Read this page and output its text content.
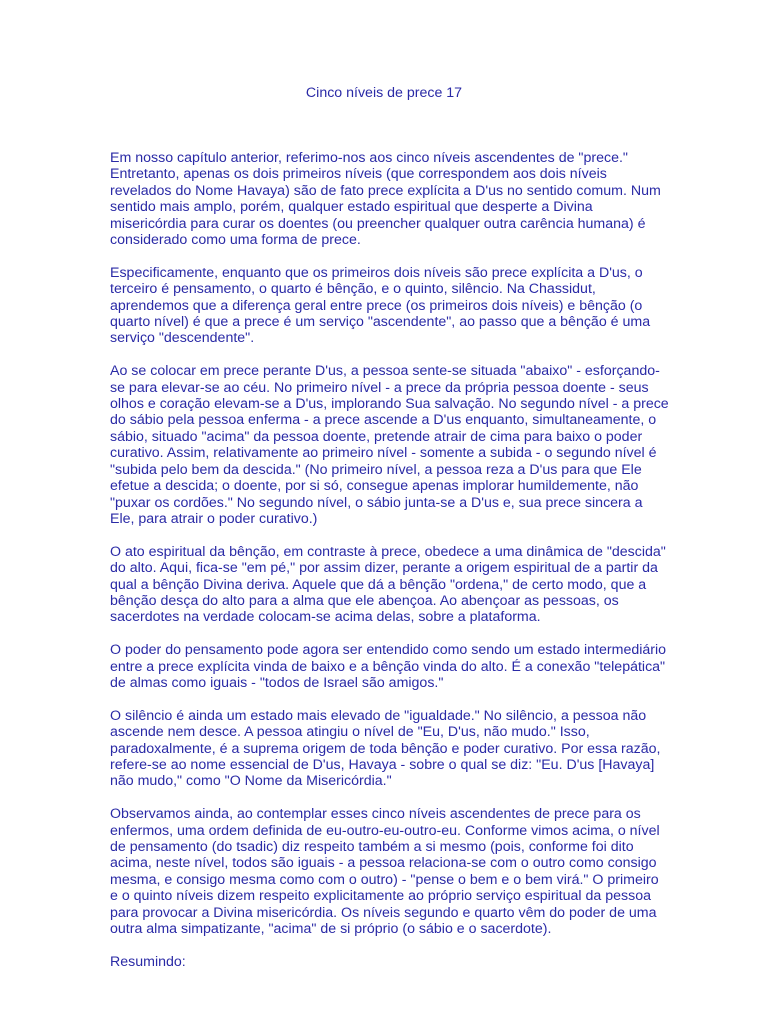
Cinco níveis de prece 17

Em nosso capítulo anterior, referimo-nos aos cinco níveis ascendentes de "prece." Entretanto, apenas os dois primeiros níveis (que correspondem aos dois níveis revelados do Nome Havaya) são de fato prece explícita a D'us no sentido comum. Num sentido mais amplo, porém, qualquer estado espiritual que desperte a Divina misericórdia para curar os doentes (ou preencher qualquer outra carência humana) é considerado como uma forma de prece.

Especificamente, enquanto que os primeiros dois níveis são prece explícita a D'us, o terceiro é pensamento, o quarto é bênção, e o quinto, silêncio. Na Chassidut, aprendemos que a diferença geral entre prece (os primeiros dois níveis) e bênção (o quarto nível) é que a prece é um serviço "ascendente", ao passo que a bênção é uma serviço "descendente".

Ao se colocar em prece perante D'us, a pessoa sente-se situada "abaixo" - esforçando-se para elevar-se ao céu. No primeiro nível - a prece da própria pessoa doente - seus olhos e coração elevam-se a D'us, implorando Sua salvação. No segundo nível - a prece do sábio pela pessoa enferma - a prece ascende a D'us enquanto, simultaneamente, o sábio, situado "acima" da pessoa doente, pretende atrair de cima para baixo o poder curativo. Assim, relativamente ao primeiro nível - somente a subida - o segundo nível é "subida pelo bem da descida." (No primeiro nível, a pessoa reza a D'us para que Ele efetue a descida; o doente, por si só, consegue apenas implorar humildemente, não "puxar os cordões." No segundo nível, o sábio junta-se a D'us e, sua prece sincera a Ele, para atrair o poder curativo.)

O ato espiritual da bênção, em contraste à prece, obedece a uma dinâmica de "descida" do alto. Aqui, fica-se "em pé," por assim dizer, perante a origem espiritual de a partir da qual a bênção Divina deriva. Aquele que dá a bênção "ordena," de certo modo, que a bênção desça do alto para a alma que ele abençoa. Ao abençoar as pessoas, os sacerdotes na verdade colocam-se acima delas, sobre a plataforma.

O poder do pensamento pode agora ser entendido como sendo um estado intermediário entre a prece explícita vinda de baixo e a bênção vinda do alto. É a conexão "telepática" de almas como iguais - "todos de Israel são amigos."

O silêncio é ainda um estado mais elevado de "igualdade." No silêncio, a pessoa não ascende nem desce. A pessoa atingiu o nível de "Eu, D'us, não mudo." Isso, paradoxalmente, é a suprema origem de toda bênção e poder curativo. Por essa razão, refere-se ao nome essencial de D'us, Havaya - sobre o qual se diz: "Eu. D'us [Havaya] não mudo," como "O Nome da Misericórdia."

Observamos ainda, ao contemplar esses cinco níveis ascendentes de prece para os enfermos, uma ordem definida de eu-outro-eu-outro-eu. Conforme vimos acima, o nível de pensamento (do tsadic) diz respeito também a si mesmo (pois, conforme foi dito acima, neste nível, todos são iguais - a pessoa relaciona-se com o outro como consigo mesma, e consigo mesma como com o outro) - "pense o bem e o bem virá." O primeiro e o quinto níveis dizem respeito explicitamente ao próprio serviço espiritual da pessoa para provocar a Divina misericórdia. Os níveis segundo e quarto vêm do poder de uma outra alma simpatizante, "acima" de si próprio (o sábio e o sacerdote).

Resumindo:
